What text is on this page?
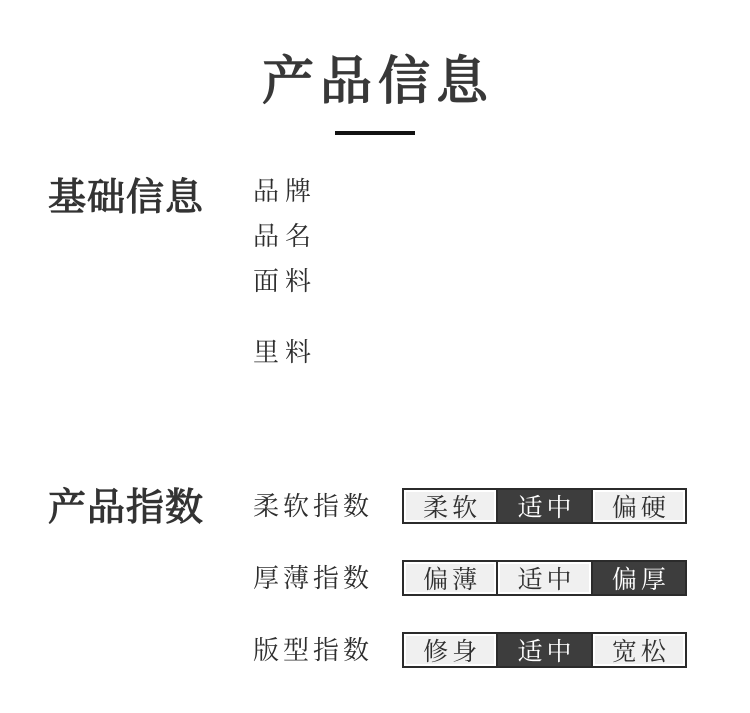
产品信息
基础信息 品牌
品名
面料
里料
产品指数 柔软指数	柔软	适中	偏硬
厚薄指数	偏薄	适中	偏厚
版型指数	修身	适中	宽松
